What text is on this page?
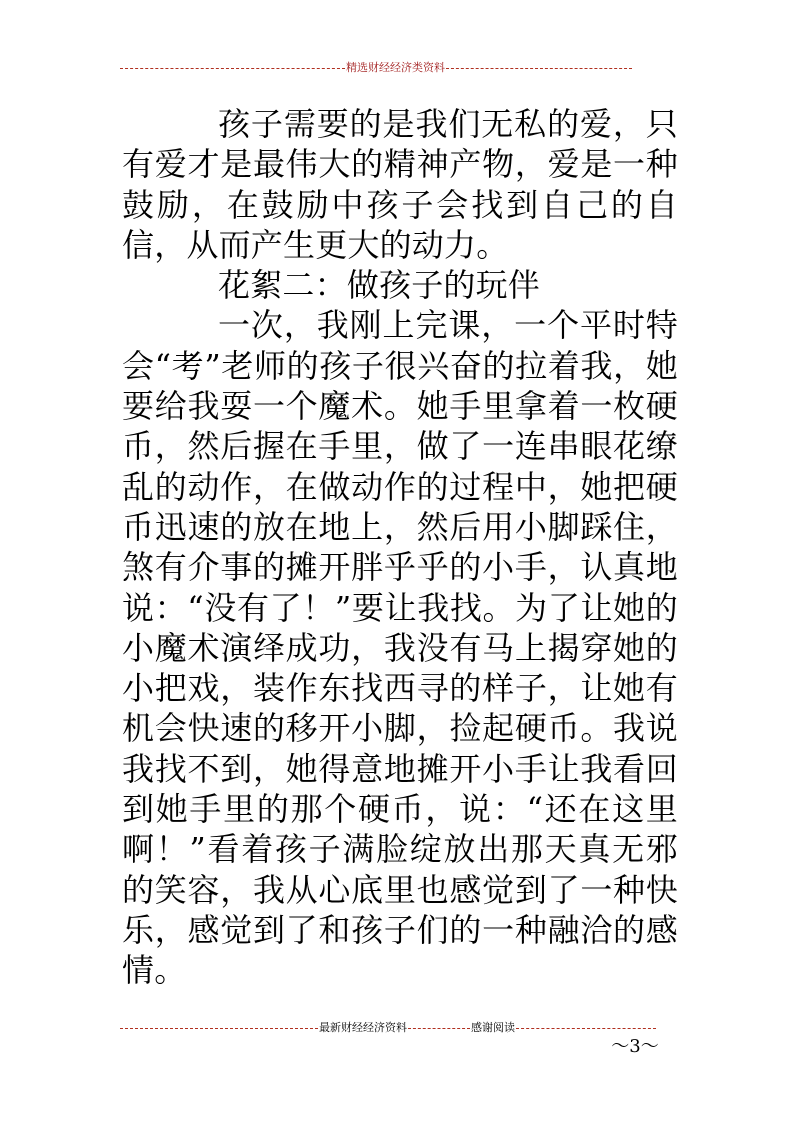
精选财经经济类资料

孩子需要的是我们无私的爱，只有爱才是最伟大的精神产物，爱是一种鼓励，在鼓励中孩子会找到自己的自信，从而产生更大的动力。

花絮二：做孩子的玩伴

一次，我刚上完课，一个平时特会“考”老师的孩子很兴奋的拉着我，她要给我耍一个魔术。她手里拿着一枚硬币，然后握在手里，做了一连串眼花缭乱的动作，在做动作的过程中，她把硬币迅速的放在地上，然后用小脚踩住，煞有介事的摊开胖乎乎的小手，认真地说：“没有了！”要让我找。为了让她的小魔术演绎成功，我没有马上揭穿她的小把戏，装作东找西寻的样子，让她有机会快速的移开小脚，捡起硬币。我说我找不到，她得意地摊开小手让我看回到她手里的那个硬币，说：“还在这里啊！”看着孩子满脸绽放出那天真无邪的笑容，我从心底里也感觉到了一种快乐，感觉到了和孩子们的一种融洽的感情。

最新财经经济资料	感谢阅读
～3～
